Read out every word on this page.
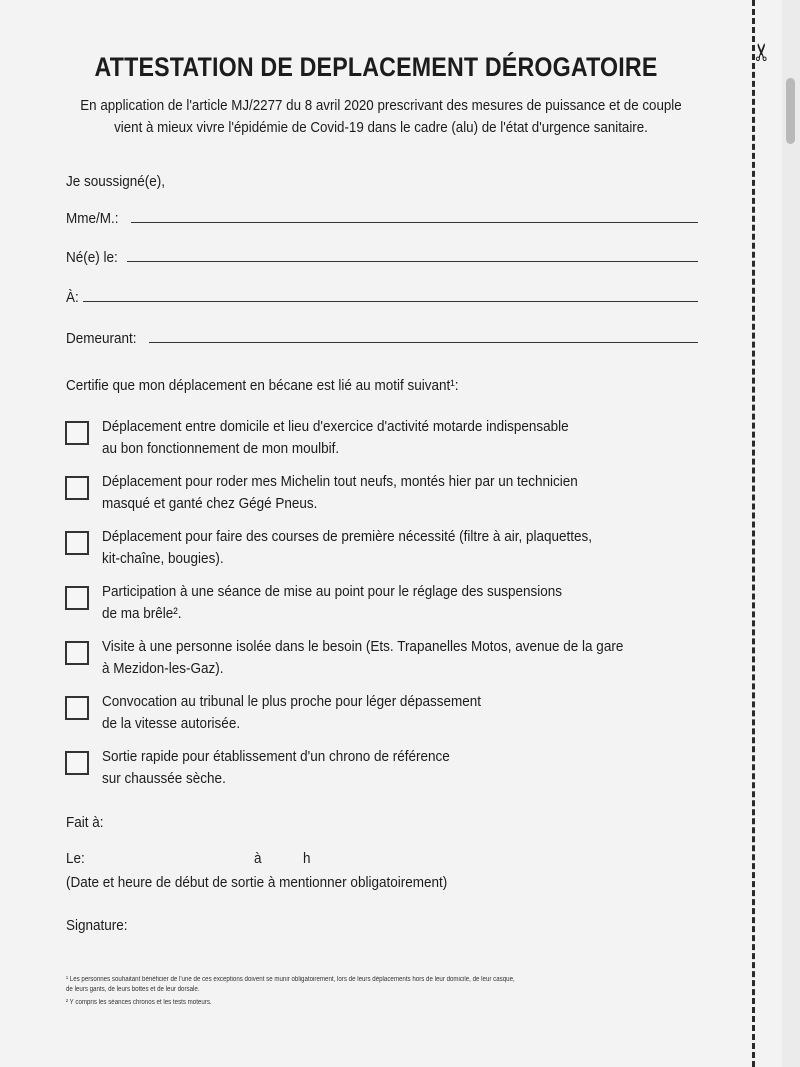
✂
ATTESTATION DE DEPLACEMENT DÉROGATOIRE

En application de l'article MJ/2277 du 8 avril 2020 prescrivant des mesures de puissance et de couple

vient à mieux vivre l'épidémie de Covid-19 dans le cadre (alu) de l'état d'urgence sanitaire.

Je soussigné(e),
Mme/M.:
Né(e) le:
À:
Demeurant:
Certifie que mon déplacement en bécane est lié au motif suivant¹:
Déplacement entre domicile et lieu d'exercice d'activité motarde indispensable
au bon fonctionnement de mon moulbif.
Déplacement pour roder mes Michelin tout neufs, montés hier par un technicien
masqué et ganté chez Gégé Pneus.
Déplacement pour faire des courses de première nécessité (filtre à air, plaquettes,
kit-chaîne, bougies).
Participation à une séance de mise au point pour le réglage des suspensions
de ma brêle².
Visite à une personne isolée dans le besoin (Ets. Trapanelles Motos, avenue de la gare
à Mezidon-les-Gaz).
Convocation au tribunal le plus proche pour léger dépassement
de la vitesse autorisée.
Sortie rapide pour établissement d'un chrono de référence
sur chaussée sèche.
Fait à:
Le:	à	h
(Date et heure de début de sortie à mentionner obligatoirement)
Signature:
¹ Les personnes souhaitant bénéficier de l'une de ces exceptions doivent se munir obligatoirement, lors de leurs déplacements hors de leur domicile, de leur casque,
de leurs gants, de leurs bottes et de leur dorsale.
² Y compris les séances chronos et les tests moteurs.
